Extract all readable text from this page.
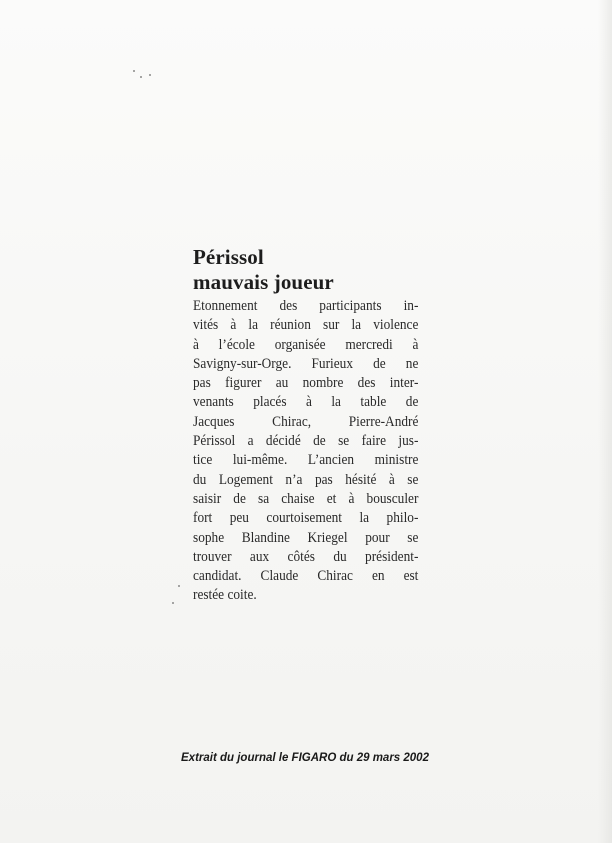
Périssol
mauvais joueur
Etonnement des participants in-
vités à la réunion sur la violence
à l’école organisée mercredi à
Savigny-sur-Orge. Furieux de ne
pas figurer au nombre des inter-
venants placés à la table de
Jacques Chirac, Pierre-André
Périssol a décidé de se faire jus-
tice lui-même. L’ancien ministre
du Logement n’a pas hésité à se
saisir de sa chaise et à bousculer
fort peu courtoisement la philo-
sophe Blandine Kriegel pour se
trouver aux côtés du président-
candidat. Claude Chirac en est
restée coite.
Extrait du journal le FIGARO du 29 mars 2002
